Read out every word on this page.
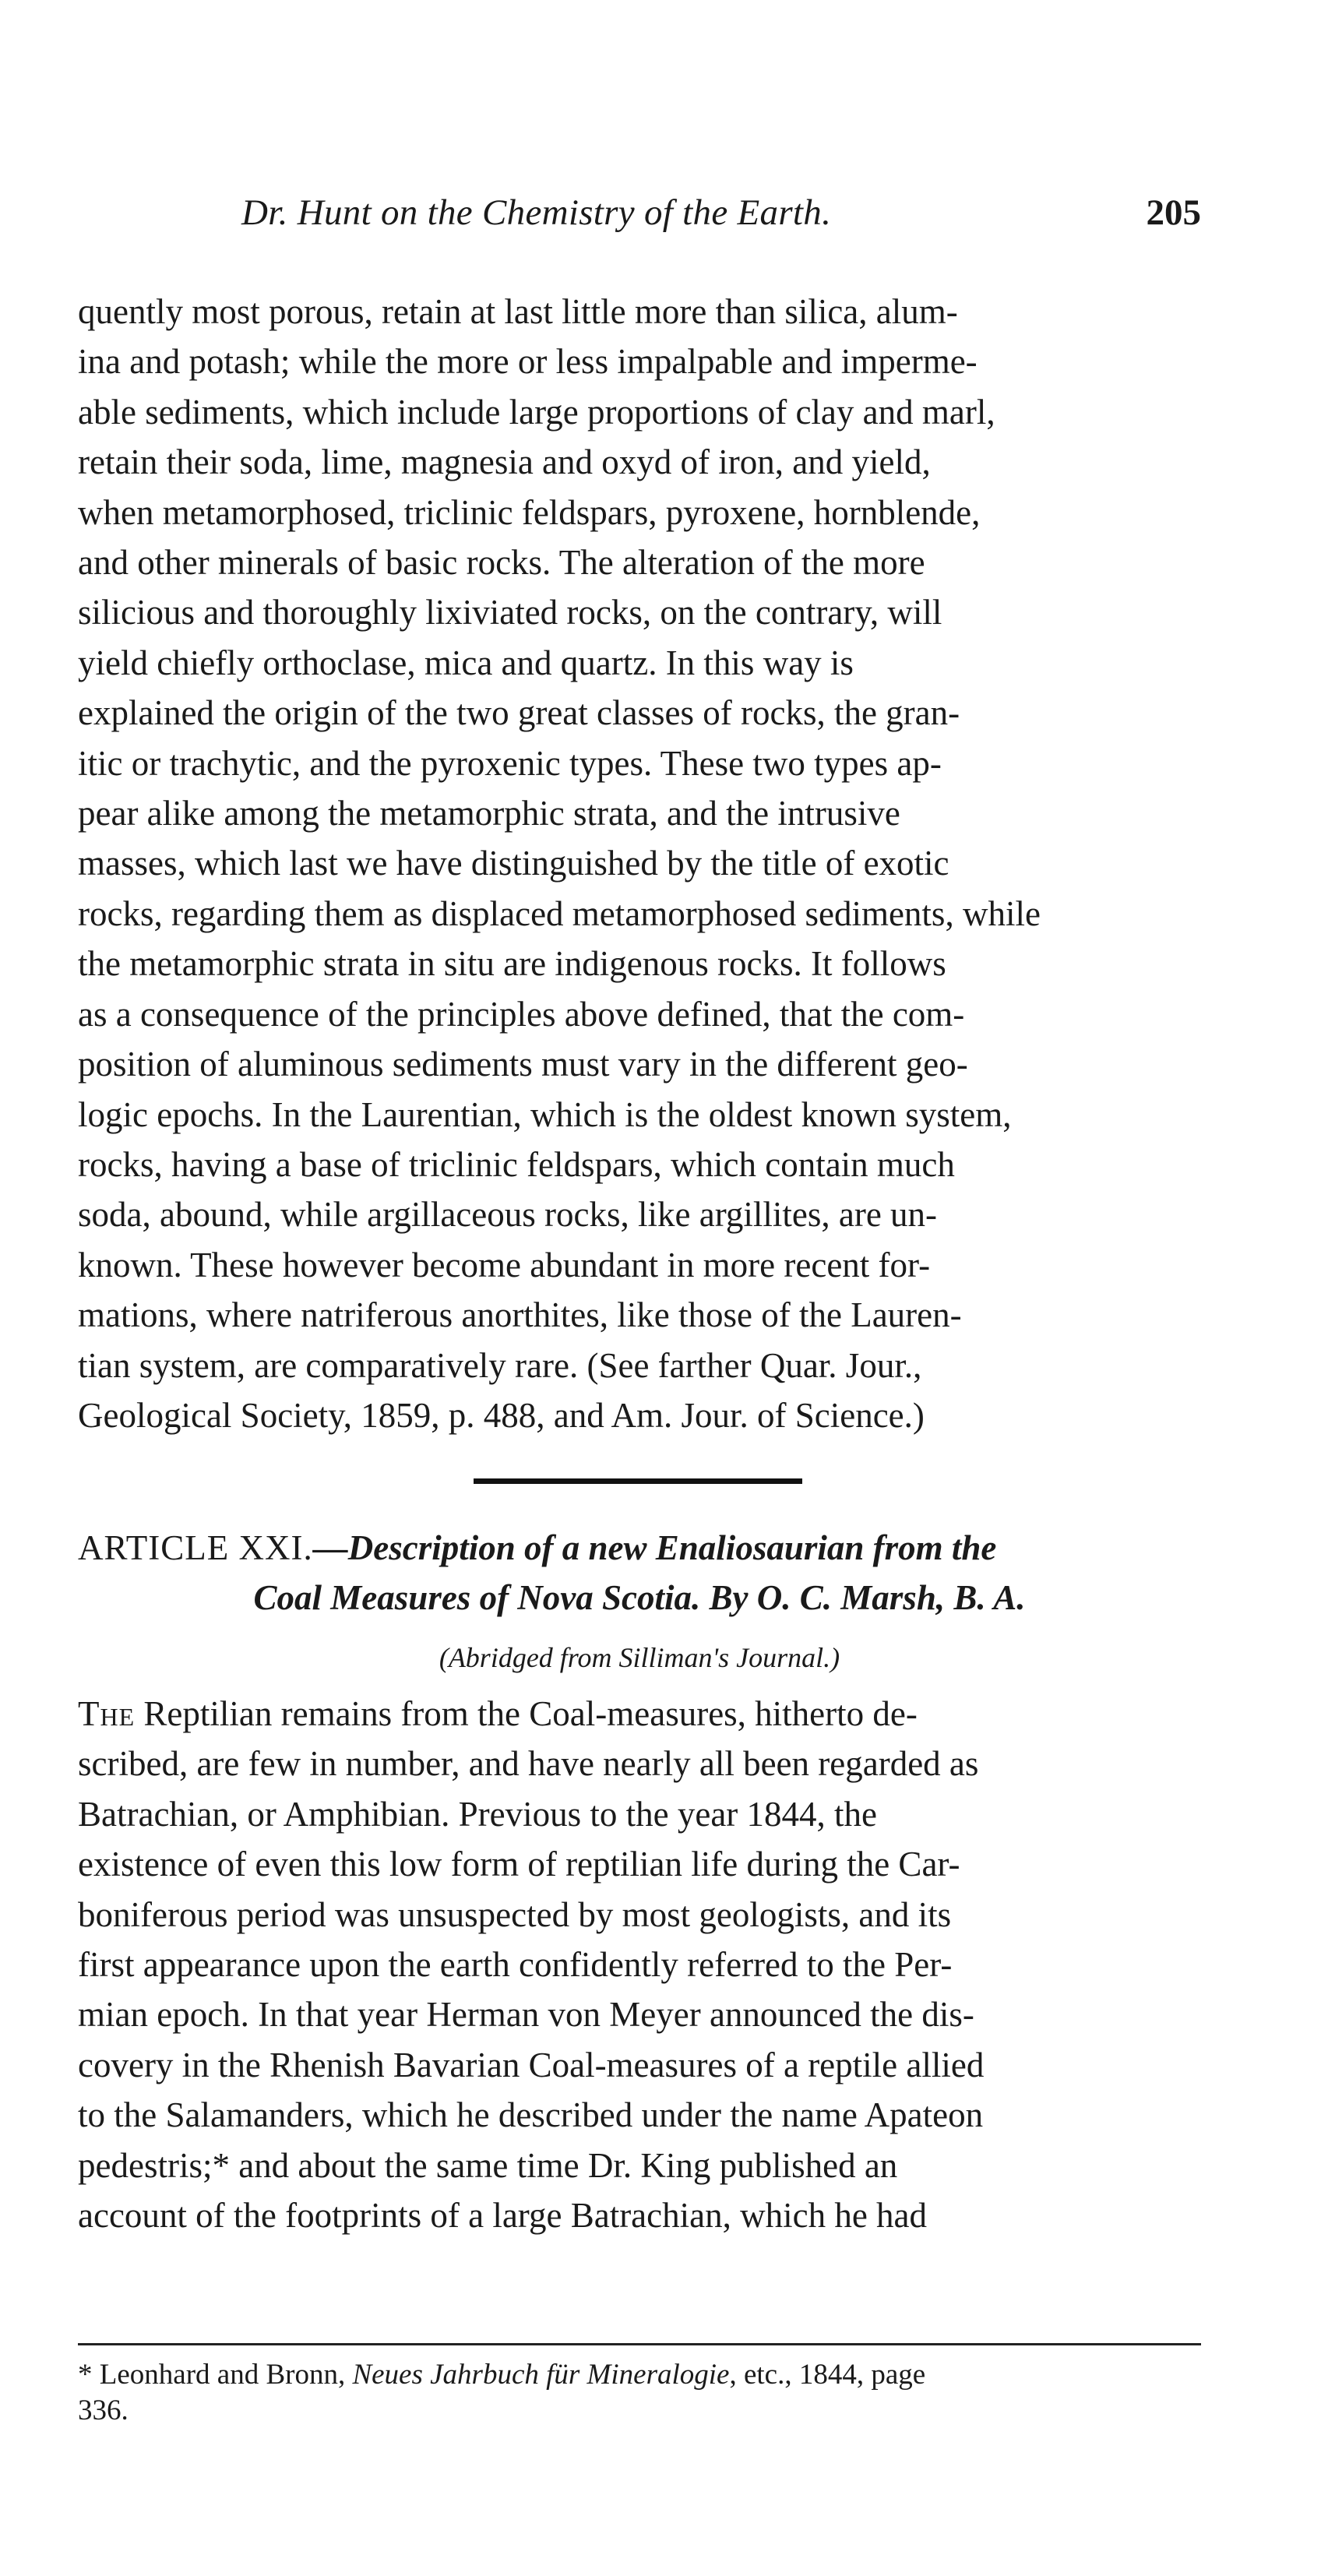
Dr. Hunt on the Chemistry of the Earth.	205

quently most porous, retain at last little more than silica, alum-
ina and potash; while the more or less impalpable and imperme-
able sediments, which include large proportions of clay and marl,
retain their soda, lime, magnesia and oxyd of iron, and yield,
when metamorphosed, triclinic feldspars, pyroxene, hornblende,
and other minerals of basic rocks. The alteration of the more
silicious and thoroughly lixiviated rocks, on the contrary, will
yield chiefly orthoclase, mica and quartz. In this way is
explained the origin of the two great classes of rocks, the gran-
itic or trachytic, and the pyroxenic types. These two types ap-
pear alike among the metamorphic strata, and the intrusive
masses, which last we have distinguished by the title of exotic
rocks, regarding them as displaced metamorphosed sediments, while
the metamorphic strata in situ are indigenous rocks. It follows
as a consequence of the principles above defined, that the com-
position of aluminous sediments must vary in the different geo-
logic epochs. In the Laurentian, which is the oldest known system,
rocks, having a base of triclinic feldspars, which contain much
soda, abound, while argillaceous rocks, like argillites, are un-
known. These however become abundant in more recent for-
mations, where natriferous anorthites, like those of the Lauren-
tian system, are comparatively rare. (See farther Quar. Jour.,
Geological Society, 1859, p. 488, and Am. Jour. of Science.)

ARTICLE XXI.—Description of a new Enaliosaurian from the
Coal Measures of Nova Scotia. By O. C. Marsh, B. A.
(Abridged from Silliman's Journal.)

The Reptilian remains from the Coal-measures, hitherto de-
scribed, are few in number, and have nearly all been regarded as
Batrachian, or Amphibian. Previous to the year 1844, the
existence of even this low form of reptilian life during the Car-
boniferous period was unsuspected by most geologists, and its
first appearance upon the earth confidently referred to the Per-
mian epoch. In that year Herman von Meyer announced the dis-
covery in the Rhenish Bavarian Coal-measures of a reptile allied
to the Salamanders, which he described under the name Apateon
pedestris;* and about the same time Dr. King published an
account of the footprints of a large Batrachian, which he had

* Leonhard and Bronn, Neues Jahrbuch für Mineralogie, etc., 1844, page
336.
